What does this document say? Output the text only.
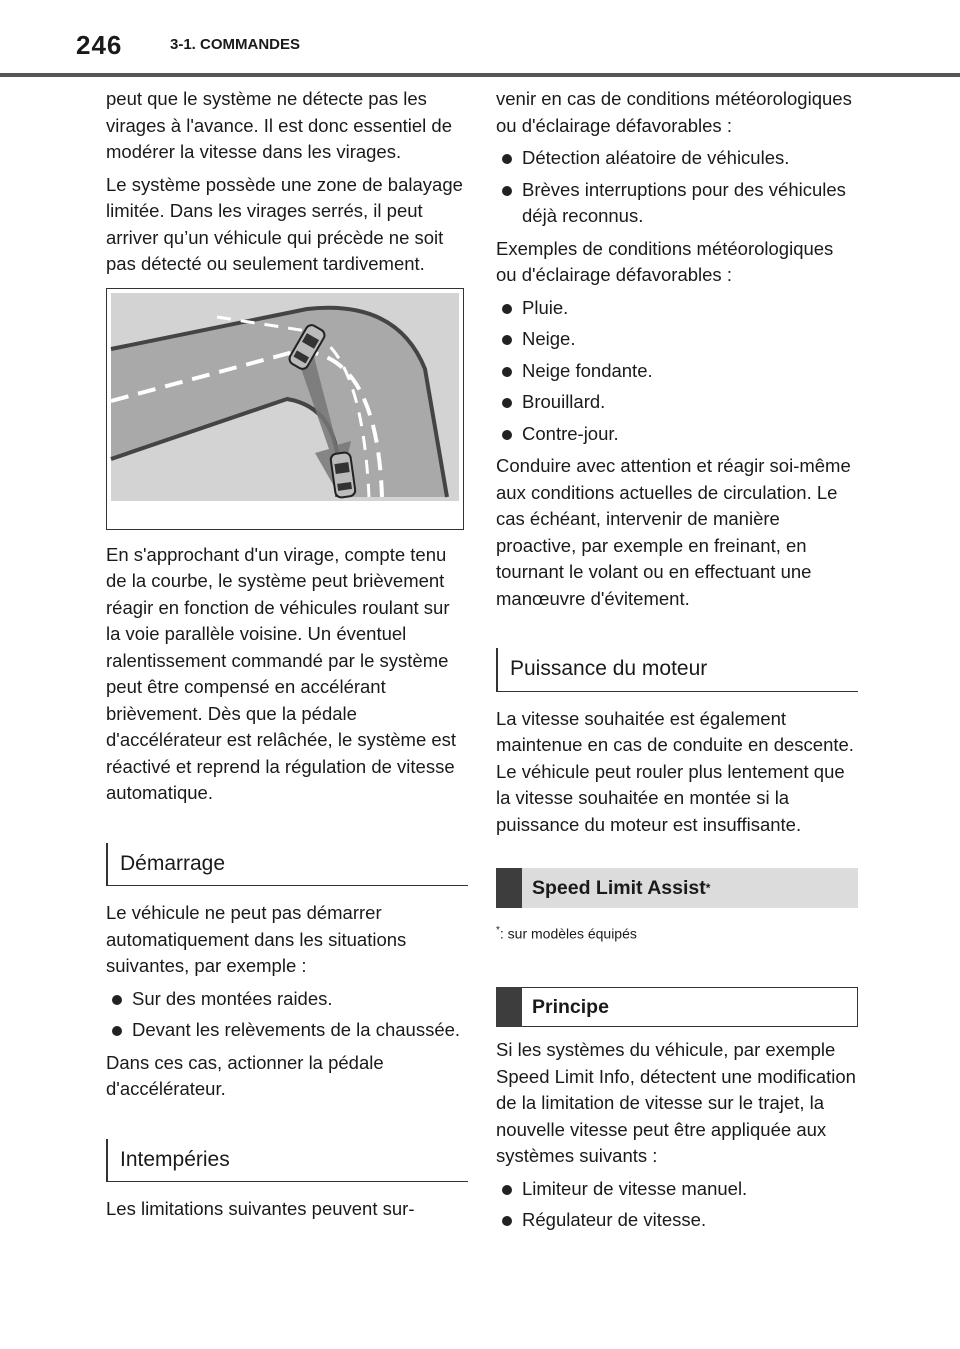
246	3-1. COMMANDES

peut que le système ne détecte pas les virages à l'avance. Il est donc essentiel de modérer la vitesse dans les virages.

Le système possède une zone de balayage limitée. Dans les virages serrés, il peut arriver qu’un véhicule qui précède ne soit pas détecté ou seulement tardivement.

En s'approchant d'un virage, compte tenu de la courbe, le système peut brièvement réagir en fonction de véhicules roulant sur la voie parallèle voisine. Un éventuel ralentissement commandé par le système peut être compensé en accélérant brièvement. Dès que la pédale d'accélérateur est relâchée, le système est réactivé et reprend la régulation de vitesse automatique.

Démarrage

Le véhicule ne peut pas démarrer automatiquement dans les situations suivantes, par exemple :

Sur des montées raides.
Devant les relèvements de la chaussée.

Dans ces cas, actionner la pédale d'accélérateur.

Intempéries

Les limitations suivantes peuvent sur-

venir en cas de conditions météorologiques ou d'éclairage défavorables :

Détection aléatoire de véhicules.
Brèves interruptions pour des véhicules déjà reconnus.

Exemples de conditions météorologiques ou d'éclairage défavorables :

Pluie.
Neige.
Neige fondante.
Brouillard.
Contre-jour.

Conduire avec attention et réagir soi-même aux conditions actuelles de circulation. Le cas échéant, intervenir de manière proactive, par exemple en freinant, en tournant le volant ou en effectuant une manœuvre d'évitement.

Puissance du moteur

La vitesse souhaitée est également maintenue en cas de conduite en descente. Le véhicule peut rouler plus lentement que la vitesse souhaitée en montée si la puissance du moteur est insuffisante.

Speed Limit Assist *
*: sur modèles équipés
Principe

Si les systèmes du véhicule, par exemple Speed Limit Info, détectent une modification de la limitation de vitesse sur le trajet, la nouvelle vitesse peut être appliquée aux systèmes suivants :

Limiteur de vitesse manuel.
Régulateur de vitesse.
